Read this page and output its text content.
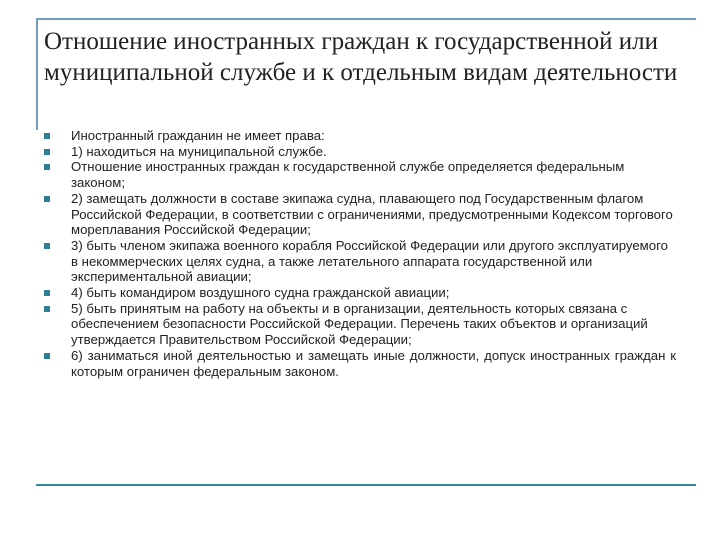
Отношение иностранных граждан к государственной или муниципальной службе и к отдельным видам деятельности
Иностранный гражданин не имеет права:
1) находиться на муниципальной службе.
Отношение иностранных граждан к государственной службе определяется федеральным законом;
2) замещать должности в составе экипажа судна, плавающего под Государственным флагом Российской Федерации, в соответствии с ограничениями, предусмотренными Кодексом торгового мореплавания Российской Федерации;
3) быть членом экипажа военного корабля Российской Федерации или другого эксплуатируемого в некоммерческих целях судна, а также летательного аппарата государственной или экспериментальной авиации;
4) быть командиром воздушного судна гражданской авиации;
5) быть принятым на работу на объекты и в организации, деятельность которых связана с обеспечением безопасности Российской Федерации. Перечень таких объектов и организаций утверждается Правительством Российской Федерации;
6) заниматься иной деятельностью и замещать иные должности, допуск иностранных граждан к которым ограничен федеральным законом.
